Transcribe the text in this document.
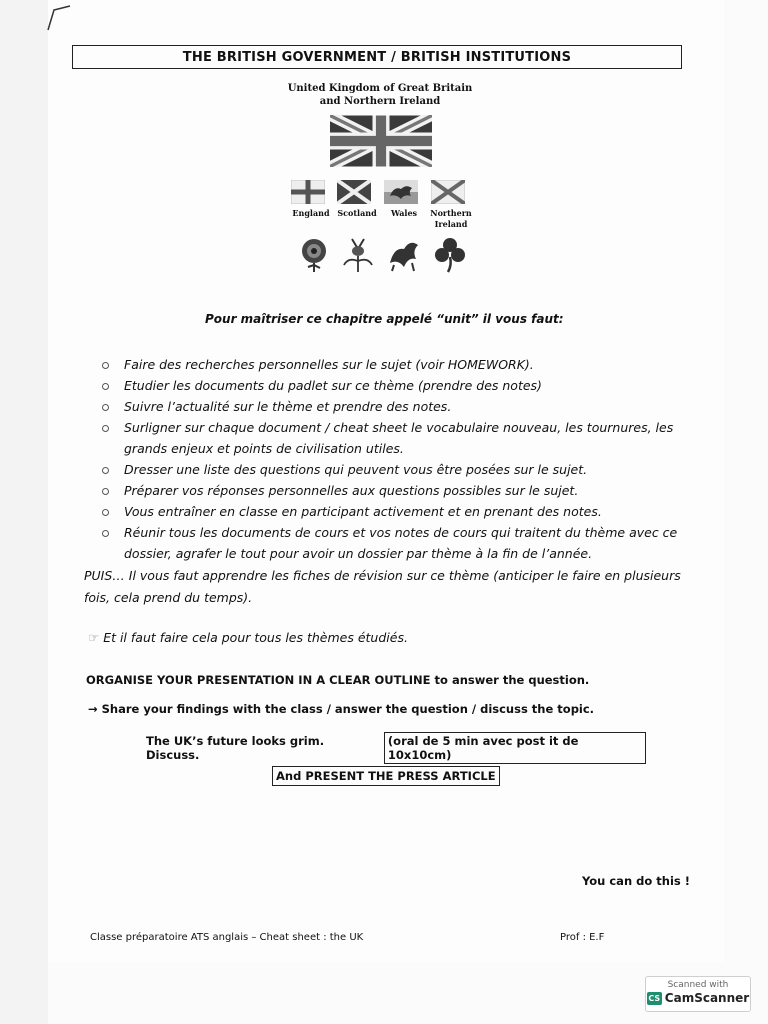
THE BRITISH GOVERNMENT / BRITISH INSTITUTIONS
United Kingdom of Great Britain
and Northern Ireland
England Scotland	Wales	Northern
Ireland
Pour maîtriser ce chapitre appelé “unit” il vous faut:
Faire des recherches personnelles sur le sujet (voir HOMEWORK).
Etudier les documents du padlet sur ce thème (prendre des notes)
Suivre l’actualité sur le thème et prendre des notes.
Surligner sur chaque document / cheat sheet le vocabulaire nouveau, les tournures, les grands enjeux et points de civilisation utiles.
Dresser une liste des questions qui peuvent vous être posées sur le sujet.
Préparer vos réponses personnelles aux questions possibles sur le sujet.
Vous entraîner en classe en participant activement et en prenant des notes.
Réunir tous les documents de cours et vos notes de cours qui traitent du thème avec ce dossier, agrafer le tout pour avoir un dossier par thème à la fin de l’année.
PUIS… Il vous faut apprendre les fiches de révision sur ce thème (anticiper le faire en plusieurs fois, cela prend du temps).
☞ Et il faut faire cela pour tous les thèmes étudiés.
ORGANISE YOUR PRESENTATION IN A CLEAR OUTLINE to answer the question.
→ Share your findings with the class / answer the question / discuss the topic.
The UK’s future looks grim. Discuss.
(oral de 5 min avec post it de 10x10cm)
And PRESENT THE PRESS ARTICLE
You can do this !
Classe préparatoire ATS anglais – Cheat sheet : the UK	Prof : E.F
Scanned with
CS CamScanner
